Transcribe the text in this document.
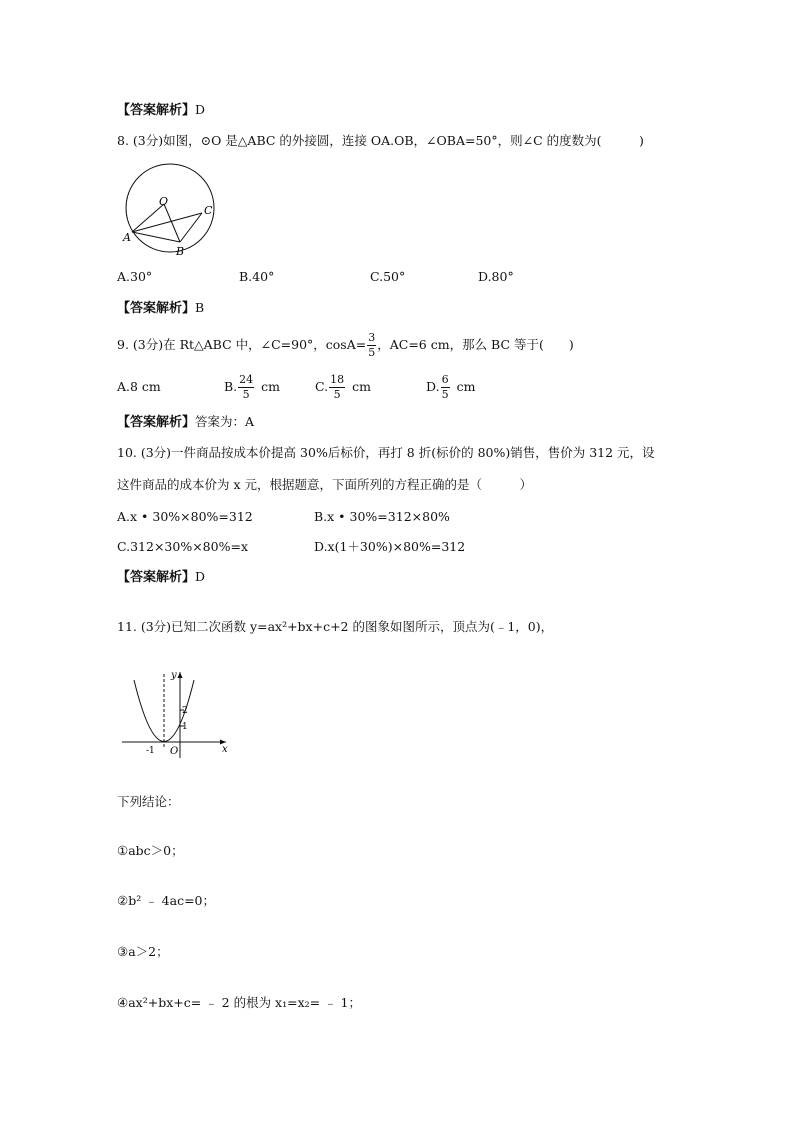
【答案解析】D
8. (3分)如图，⊙O 是△ABC 的外接圆，连接 OA.OB，∠OBA=50°，则∠C 的度数为(　　　)
O
A
B
C
A.30°	B.40°	C.50°	D.80°
【答案解析】B
9. (3分)在 Rt△ABC 中，∠C=90°，$\cos A= \frac{3}{5}$ ，AC=6 cm，那么 BC 等于(　　)
A.8 cm	B. $\frac{24}{5}$ cm	C. $\frac{18}{5}$ cm	D. $\frac{6}{5}$ cm
【答案解析】答案为：A
10. (3分)一件商品按成本价提高 30%后标价，再打 8 折(标价的 80%)销售，售价为 312 元，设
这件商品的成本价为 x 元，根据题意，下面所列的方程正确的是（　　　）
A.x • 30%×80%=312	B.x • 30%=312×80%
C.312×30%×80%=x	D.x(1＋30%)×80%=312
【答案解析】D
11. (3分)已知二次函数 y=ax²+bx+c+2 的图象如图所示，顶点为(﹣1，0)，
y
x
2
1
-1 O
下列结论：
①abc＞0；
②b² ﹣ 4ac=0；
③a＞2；
④ax²+bx+c= ﹣ 2 的根为 x₁=x₂= ﹣ 1；
